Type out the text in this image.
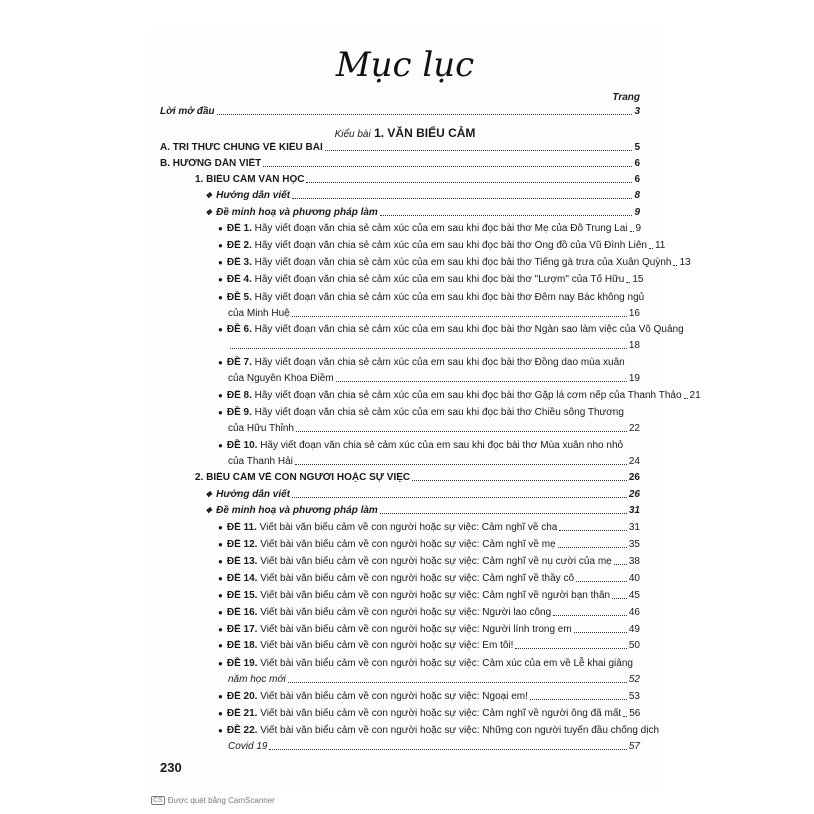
Mục lục
Trang
Lời mở đầu	3
Kiểu bài 1. VĂN BIỂU CẢM
A. TRI THỨC CHUNG VỀ KIỂU BÀI	5
B. HƯỚNG DẪN VIẾT	6
1. BIỂU CẢM VĂN HỌC	6
❖ Hướng dẫn viết	8
❖ Đề minh hoạ và phương pháp làm	9
● ĐỀ 1. Hãy viết đoạn văn chia sẻ cảm xúc của em sau khi đọc bài thơ Mẹ của Đỗ Trung Lai 9
● ĐỀ 2. Hãy viết đoạn văn chia sẻ cảm xúc của em sau khi đọc bài thơ Ông đồ của Vũ Đình Liên 11
● ĐỀ 3. Hãy viết đoạn văn chia sẻ cảm xúc của em sau khi đọc bài thơ Tiếng gà trưa của Xuân Quỳnh 13
● ĐỀ 4. Hãy viết đoạn văn chia sẻ cảm xúc của em sau khi đọc bài thơ "Lượm" của Tố Hữu 15
● ĐỀ 5. Hãy viết đoạn văn chia sẻ cảm xúc của em sau khi đọc bài thơ Đêm nay Bác không ngủ
của Minh Huệ	16
● ĐỀ 6. Hãy viết đoạn văn chia sẻ cảm xúc của em sau khi đọc bài thơ Ngàn sao làm việc của Võ Quảng
18
● ĐỀ 7. Hãy viết đoạn văn chia sẻ cảm xúc của em sau khi đọc bài thơ Đồng dao mùa xuân
của Nguyễn Khoa Điềm	19
● ĐỀ 8. Hãy viết đoạn văn chia sẻ cảm xúc của em sau khi đọc bài thơ Gặp lá cơm nếp của Thanh Thảo 21
● ĐỀ 9. Hãy viết đoạn văn chia sẻ cảm xúc của em sau khi đọc bài thơ Chiều sông Thương
của Hữu Thỉnh	22
● ĐỀ 10. Hãy viết đoạn văn chia sẻ cảm xúc của em sau khi đọc bài thơ Mùa xuân nho nhỏ
của Thanh Hải	24
2. BIỂU CẢM VỀ CON NGƯỜI HOẶC SỰ VIỆC	26
❖ Hướng dẫn viết	26
❖ Đề minh hoạ và phương pháp làm	31
● ĐỀ 11. Viết bài văn biểu cảm về con người hoặc sự việc: Cảm nghĩ về cha	31
● ĐỀ 12. Viết bài văn biểu cảm về con người hoặc sự việc: Cảm nghĩ về mẹ	35
● ĐỀ 13. Viết bài văn biểu cảm về con người hoặc sự việc: Cảm nghĩ về nụ cười của mẹ 38
● ĐỀ 14. Viết bài văn biểu cảm về con người hoặc sự việc: Cảm nghĩ về thầy cô	40
● ĐỀ 15. Viết bài văn biểu cảm về con người hoặc sự việc: Cảm nghĩ về người bạn thân 45
● ĐỀ 16. Viết bài văn biểu cảm về con người hoặc sự việc: Người lao công	46
● ĐỀ 17. Viết bài văn biểu cảm về con người hoặc sự việc: Người lính trong em	49
● ĐỀ 18. Viết bài văn biểu cảm về con người hoặc sự việc: Em tôi!	50
● ĐỀ 19. Viết bài văn biểu cảm về con người hoặc sự việc: Cảm xúc của em về Lễ khai giảng
năm học mới	52
● ĐỀ 20. Viết bài văn biểu cảm về con người hoặc sự việc: Ngoại em!	53
● ĐỀ 21. Viết bài văn biểu cảm về con người hoặc sự việc: Cảm nghĩ về người ông đã mất 56
● ĐỀ 22. Viết bài văn biểu cảm về con người hoặc sự việc: Những con người tuyến đầu chống dịch
Covid 19	57
230
CS Được quét bằng CamScanner
